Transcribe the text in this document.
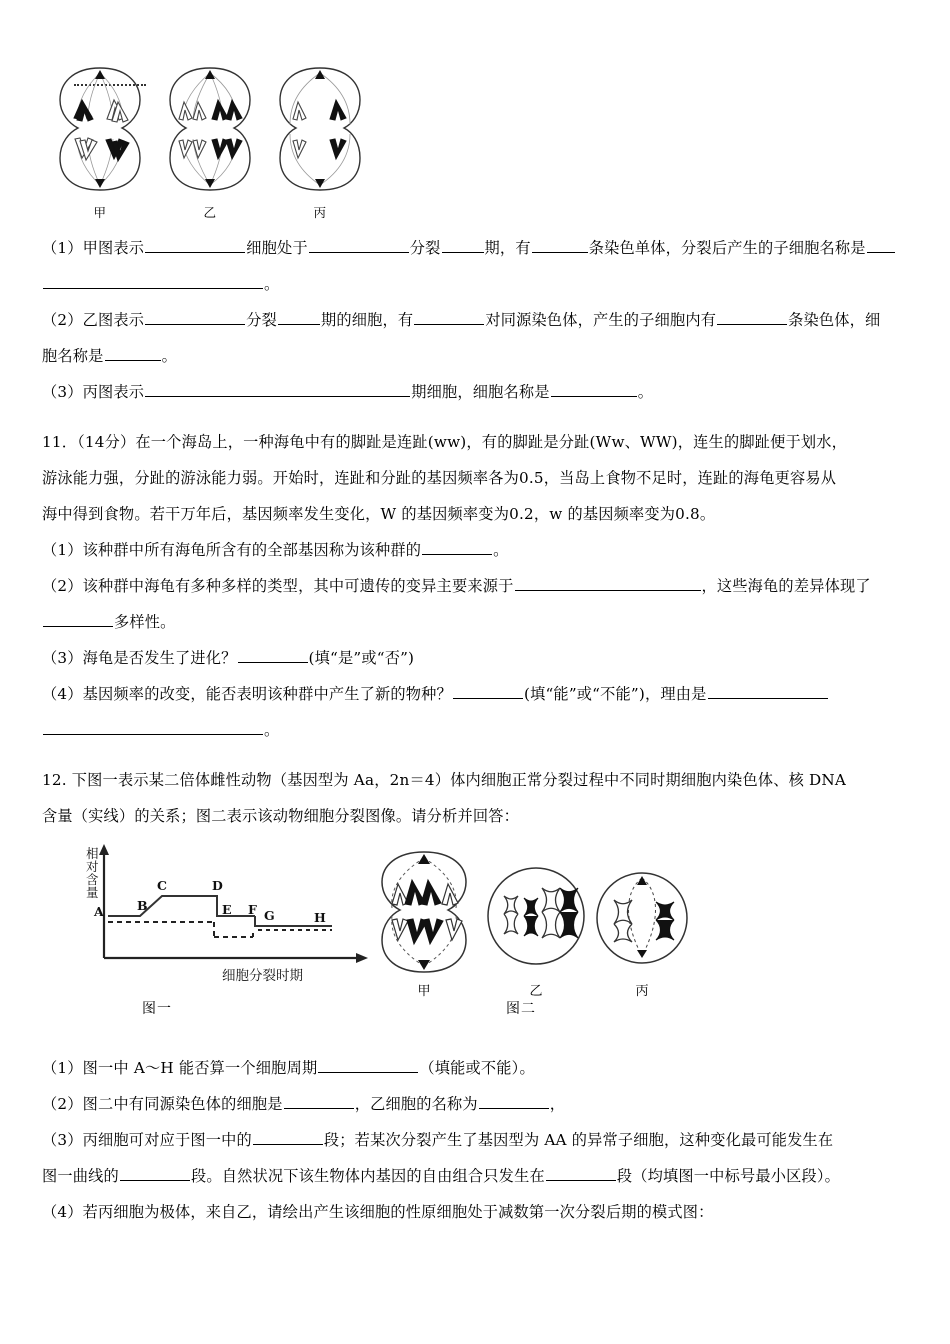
甲	乙	丙
（1）甲图表示	细胞处于	分裂	期，有	条染色单体，分裂后产生的子细胞名称是
。
（2）乙图表示	分裂	期的细胞，有	对同源染色体，产生的子细胞内有	条染色体，细
胞名称是	。
（3）丙图表示	期细胞，细胞名称是	。
11．（14分）在一个海岛上，一种海龟中有的脚趾是连趾(ww)，有的脚趾是分趾(Ww、WW)，连生的脚趾便于划水，
游泳能力强，分趾的游泳能力弱。开始时，连趾和分趾的基因频率各为0.5，当岛上食物不足时，连趾的海龟更容易从
海中得到食物。若干万年后，基因频率发生变化，W 的基因频率变为0.2，w 的基因频率变为0.8。
（1）该种群中所有海龟所含有的全部基因称为该种群的	。
（2）该种群中海龟有多种多样的类型，其中可遗传的变异主要来源于	，这些海龟的差异体现了
多样性。
（3）海龟是否发生了进化？	(填“是”或“否”)
（4）基因频率的改变，能否表明该种群中产生了新的物种？	(填“能”或“不能”)，理由是
。
12. 下图一表示某二倍体雌性动物（基因型为 Aa，2n＝4）体内细胞正常分裂过程中不同时期细胞内染色体、核 DNA
含量（实线）的关系；图二表示该动物细胞分裂图像。请分析并回答：
A	B
C	D
E F G	H
相 对 含 量
细胞分裂时期
图一
甲	乙	丙
图二
（1）图一中 A～H 能否算一个细胞周期	（填能或不能）。
（2）图二中有同源染色体的细胞是	，乙细胞的名称为	，
（3）丙细胞可对应于图一中的	段；若某次分裂产生了基因型为 AA 的异常子细胞，这种变化最可能发生在
图一曲线的	段。自然状况下该生物体内基因的自由组合只发生在	段（均填图一中标号最小区段）。
（4）若丙细胞为极体，来自乙，请绘出产生该细胞的性原细胞处于减数第一次分裂后期的模式图：
